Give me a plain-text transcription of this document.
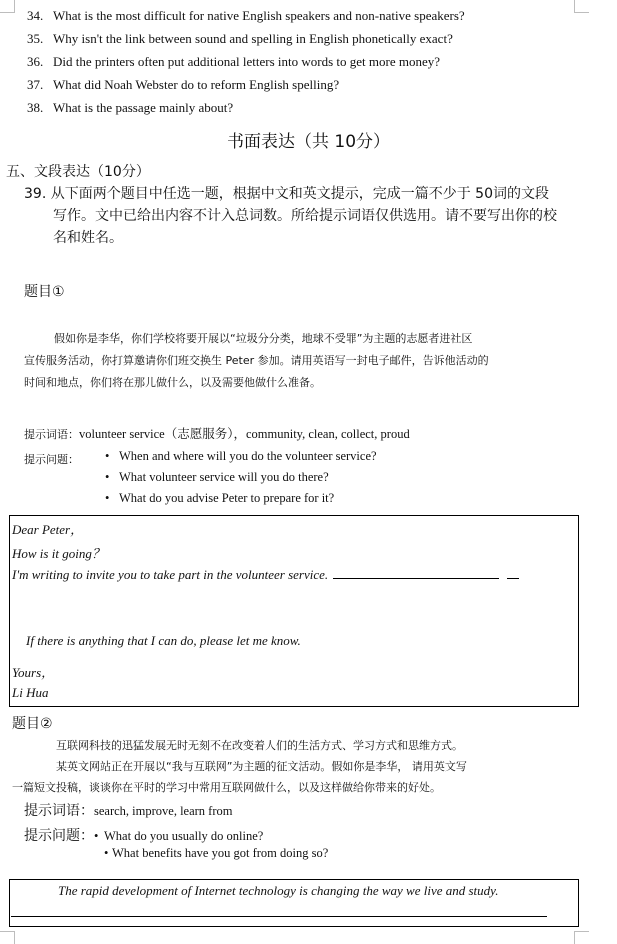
34. What is the most difficult for native English speakers and non-native speakers?
35. Why isn't the link between sound and spelling in English phonetically exact?
36. Did the printers often put additional letters into words to get more money?
37. What did Noah Webster do to reform English spelling?
38. What is the passage mainly about?
书面表达（共 10分）
五、文段表达（10分）
39. 从下面两个题目中任选一题，根据中文和英文提示，完成一篇不少于 50词的文段
写作。文中已给出内容不计入总词数。所给提示词语仅供选用。请不要写出你的校
名和姓名。
题目①
假如你是李华，你们学校将要开展以“垃圾分分类，地球不受罪”为主题的志愿者进社区
宣传服务活动，你打算邀请你们班交换生 Peter 参加。请用英语写一封电子邮件，告诉他活动的
时间和地点，你们将在那儿做什么，以及需要他做什么准备。
提示词语：volunteer service（志愿服务），community, clean, collect, proud
提示问题： • When and where will you do the volunteer service?
• What volunteer service will you do there?
• What do you advise Peter to prepare for it?
Dear Peter，
How is it going？
I'm writing to invite you to take part in the volunteer service.
If there is anything that I can do, please let me know.
Yours，
Li Hua
题目②
互联网科技的迅猛发展无时无刻不在改变着人们的生活方式、学习方式和思维方式。
某英文网站正在开展以“我与互联网”为主题的征文活动。假如你是李华， 请用英文写
一篇短文投稿，谈谈你在平时的学习中常用互联网做什么，以及这样做给你带来的好处。
提示词语：search, improve, learn from
提示问题：• What do you usually do online?
• What benefits have you got from doing so?
The rapid development of Internet technology is changing the way we live and study.
